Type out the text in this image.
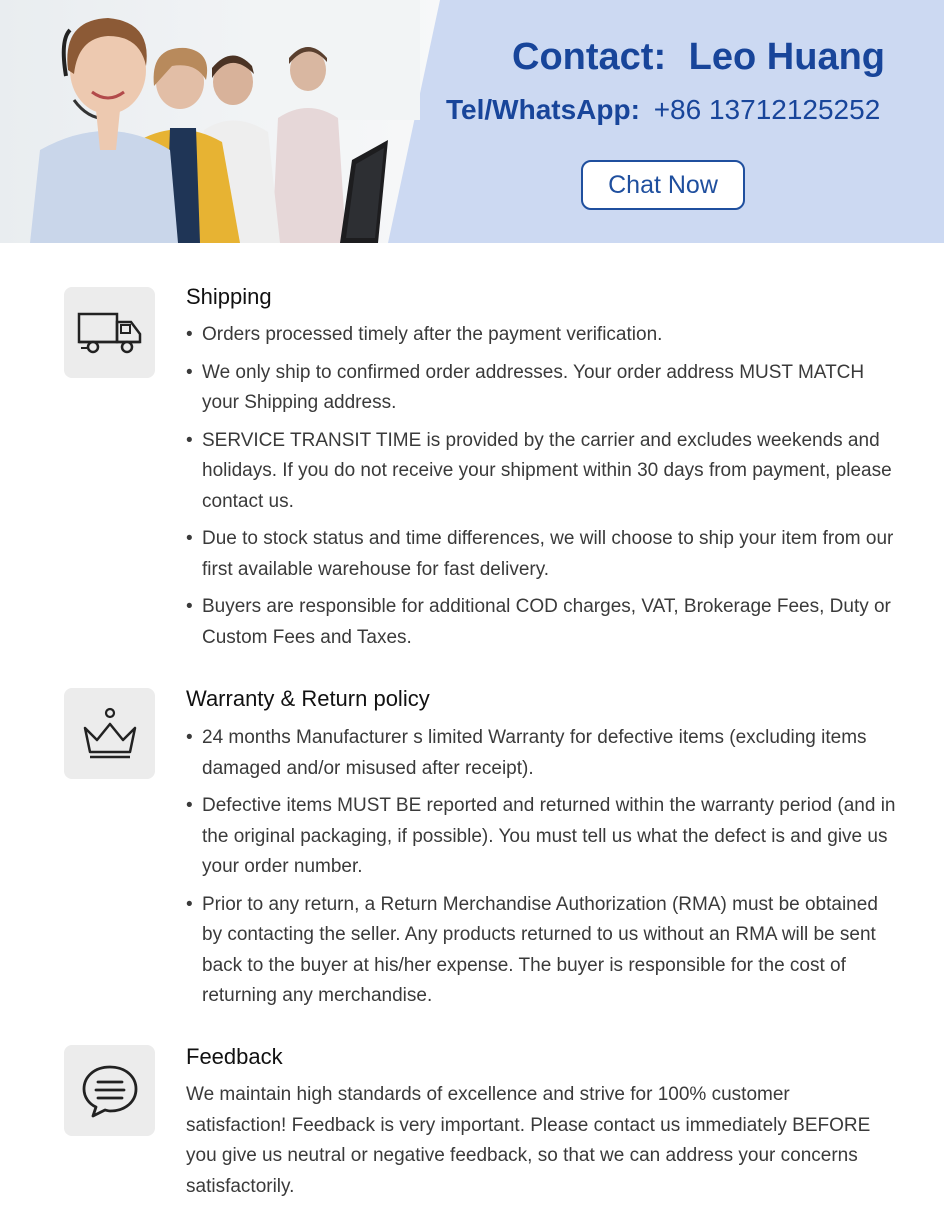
Contact: Leo Huang
Tel/WhatsApp: +86 13712125252
Chat Now
Shipping
• Orders processed timely after the payment verification.
• We only ship to confirmed order addresses. Your order address MUST MATCH your Shipping address.
• SERVICE TRANSIT TIME is provided by the carrier and excludes weekends and holidays. If you do not receive your shipment within 30 days from payment, please contact us.
• Due to stock status and time differences, we will choose to ship your item from our first available warehouse for fast delivery.
• Buyers are responsible for additional COD charges, VAT, Brokerage Fees, Duty or Custom Fees and Taxes.
Warranty & Return policy
• 24 months Manufacturer s limited Warranty for defective items (excluding items damaged and/or misused after receipt).
• Defective items MUST BE reported and returned within the warranty period (and in the original packaging, if possible). You must tell us what the defect is and give us your order number.
• Prior to any return, a Return Merchandise Authorization (RMA) must be obtained by contacting the seller. Any products returned to us without an RMA will be sent back to the buyer at his/her expense. The buyer is responsible for the cost of returning any merchandise.
Feedback

We maintain high standards of excellence and strive for 100% customer satisfaction! Feedback is very important. Please contact us immediately BEFORE you give us neutral or negative feedback, so that we can address your concerns satisfactorily.
